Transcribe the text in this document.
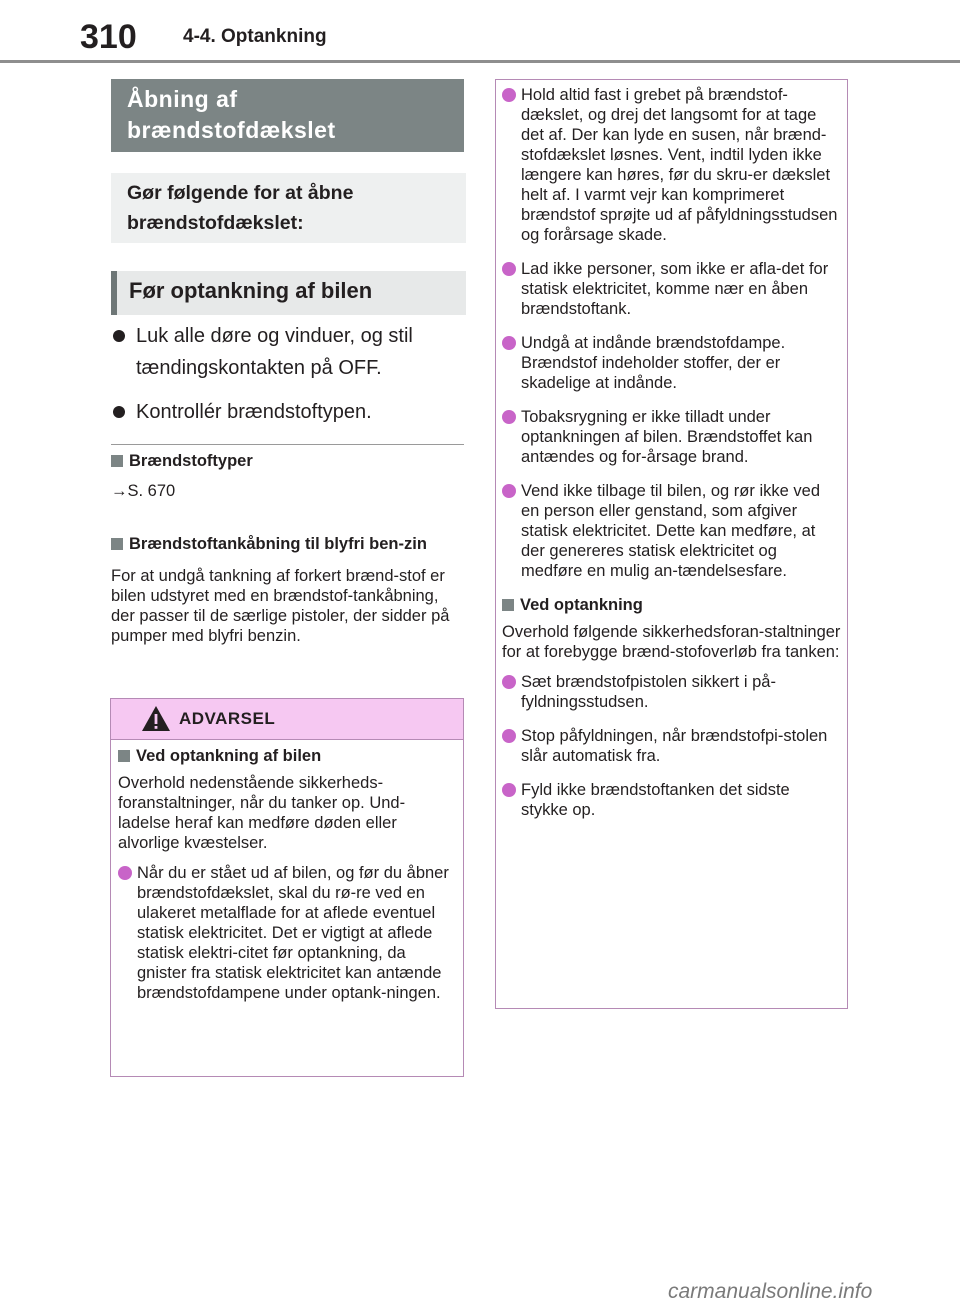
310 4-4. Optankning
Åbning af
brændstofdækslet
Gør følgende for at åbne
brændstofdækslet:
Før optankning af bilen
Luk alle døre og vinduer, og stil tændingskontakten på OFF.
Kontrollér brændstoftypen.
Brændstoftyper
→S. 670
Brændstoftankåbning til blyfri ben-zin
For at undgå tankning af forkert brænd-stof er bilen udstyret med en brændstof-tankåbning, der passer til de særlige pistoler, der sidder på pumper med blyfri benzin.
ADVARSEL
Ved optankning af bilen
Overhold nedenstående sikkerheds-foranstaltninger, når du tanker op. Und-ladelse heraf kan medføre døden eller alvorlige kvæstelser.
Når du er stået ud af bilen, og før du åbner brændstofdækslet, skal du rø-re ved en ulakeret metalflade for at aflede eventuel statisk elektricitet. Det er vigtigt at aflede statisk elektri-citet før optankning, da gnister fra statisk elektricitet kan antænde brændstofdampene under optank-ningen.
Hold altid fast i grebet på brændstof-dækslet, og drej det langsomt for at tage det af. Der kan lyde en susen, når brænd-stofdækslet løsnes. Vent, indtil lyden ikke længere kan høres, før du skru-er dækslet helt af. I varmt vejr kan komprimeret brændstof sprøjte ud af påfyldningsstudsen og forårsage skade.
Lad ikke personer, som ikke er afla-det for statisk elektricitet, komme nær en åben brændstoftank.
Undgå at indånde brændstofdampe. Brændstof indeholder stoffer, der er skadelige at indånde.
Tobaksrygning er ikke tilladt under optankningen af bilen. Brændstoffet kan antændes og for-årsage brand.
Vend ikke tilbage til bilen, og rør ikke ved en person eller genstand, som afgiver statisk elektricitet. Dette kan medføre, at der genereres statisk elektricitet og medføre en mulig an-tændelsesfare.
Ved optankning
Overhold følgende sikkerhedsforan-staltninger for at forebygge brænd-stofoverløb fra tanken:
Sæt brændstofpistolen sikkert i på-fyldningsstudsen.
Stop påfyldningen, når brændstofpi-stolen slår automatisk fra.
Fyld ikke brændstoftanken det sidste stykke op.
carmanualsonline.info
